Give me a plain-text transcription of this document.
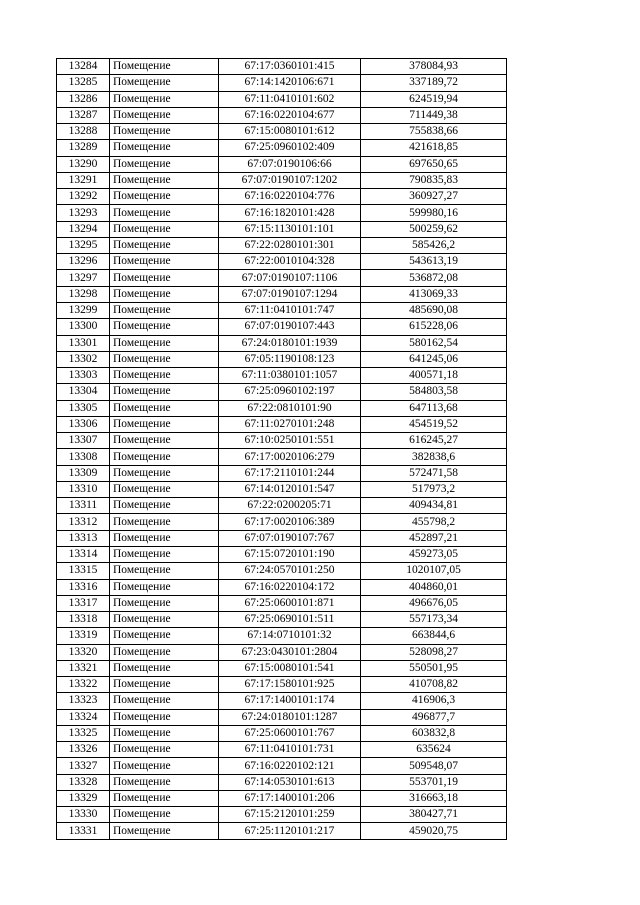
13284	Помещение	67:17:0360101:415	378084,93
13285	Помещение	67:14:1420106:671	337189,72
13286	Помещение	67:11:0410101:602	624519,94
13287	Помещение	67:16:0220104:677	711449,38
13288	Помещение	67:15:0080101:612	755838,66
13289	Помещение	67:25:0960102:409	421618,85
13290	Помещение	67:07:0190106:66	697650,65
13291	Помещение	67:07:0190107:1202	790835,83
13292	Помещение	67:16:0220104:776	360927,27
13293	Помещение	67:16:1820101:428	599980,16
13294	Помещение	67:15:1130101:101	500259,62
13295	Помещение	67:22:0280101:301	585426,2
13296	Помещение	67:22:0010104:328	543613,19
13297	Помещение	67:07:0190107:1106	536872,08
13298	Помещение	67:07:0190107:1294	413069,33
13299	Помещение	67:11:0410101:747	485690,08
13300	Помещение	67:07:0190107:443	615228,06
13301	Помещение	67:24:0180101:1939	580162,54
13302	Помещение	67:05:1190108:123	641245,06
13303	Помещение	67:11:0380101:1057	400571,18
13304	Помещение	67:25:0960102:197	584803,58
13305	Помещение	67:22:0810101:90	647113,68
13306	Помещение	67:11:0270101:248	454519,52
13307	Помещение	67:10:0250101:551	616245,27
13308	Помещение	67:17:0020106:279	382838,6
13309	Помещение	67:17:2110101:244	572471,58
13310	Помещение	67:14:0120101:547	517973,2
13311	Помещение	67:22:0200205:71	409434,81
13312	Помещение	67:17:0020106:389	455798,2
13313	Помещение	67:07:0190107:767	452897,21
13314	Помещение	67:15:0720101:190	459273,05
13315	Помещение	67:24:0570101:250	1020107,05
13316	Помещение	67:16:0220104:172	404860,01
13317	Помещение	67:25:0600101:871	496676,05
13318	Помещение	67:25:0690101:511	557173,34
13319	Помещение	67:14:0710101:32	663844,6
13320	Помещение	67:23:0430101:2804	528098,27
13321	Помещение	67:15:0080101:541	550501,95
13322	Помещение	67:17:1580101:925	410708,82
13323	Помещение	67:17:1400101:174	416906,3
13324	Помещение	67:24:0180101:1287	496877,7
13325	Помещение	67:25:0600101:767	603832,8
13326	Помещение	67:11:0410101:731	635624
13327	Помещение	67:16:0220102:121	509548,07
13328	Помещение	67:14:0530101:613	553701,19
13329	Помещение	67:17:1400101:206	316663,18
13330	Помещение	67:15:2120101:259	380427,71
13331	Помещение	67:25:1120101:217	459020,75
